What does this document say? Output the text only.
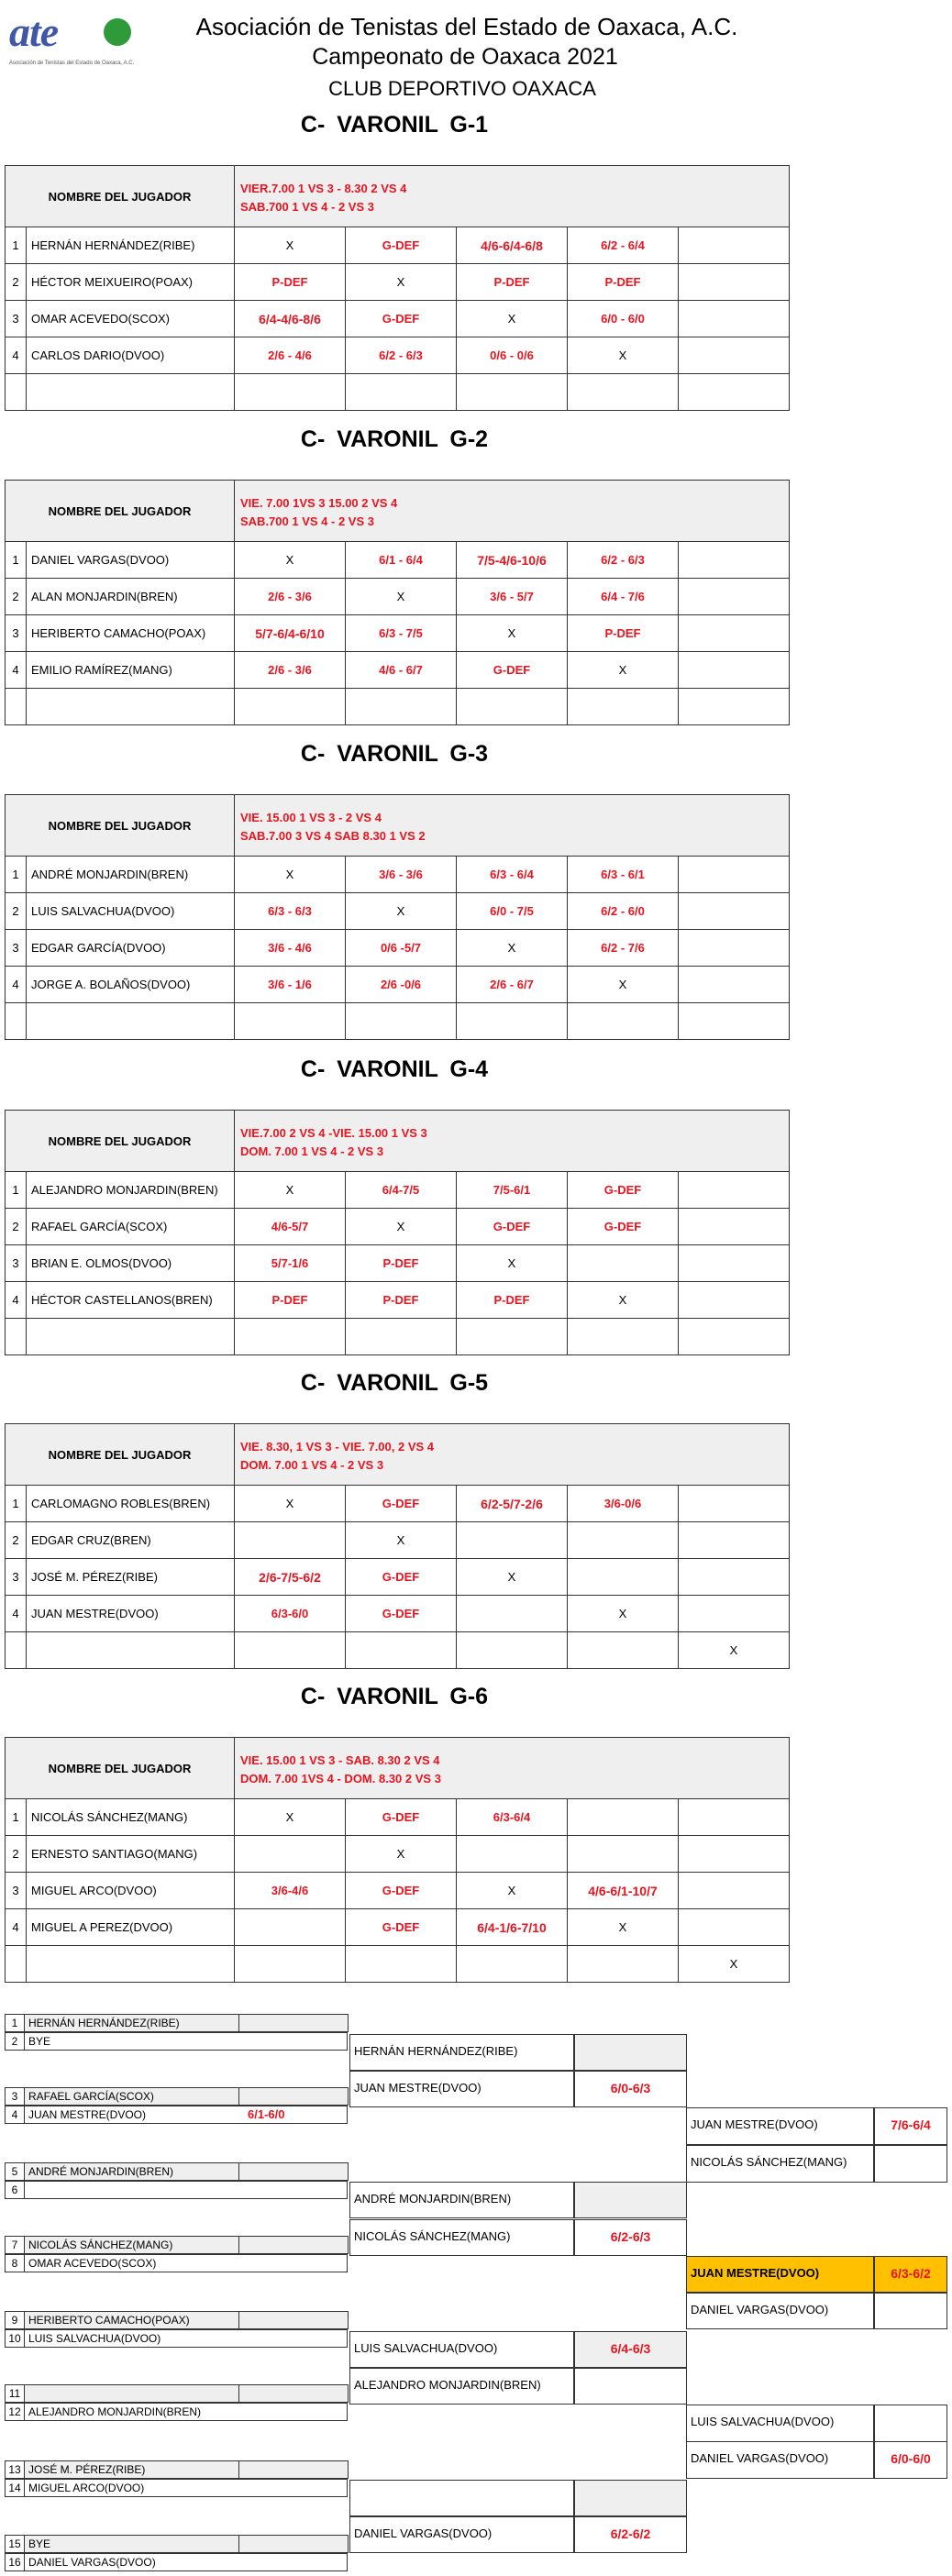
ate
Asociación de Tenistas del Estado de Oaxaca, A.C.
Asociación de Tenistas del Estado de Oaxaca, A.C.
Campeonato de Oaxaca 2021
CLUB DEPORTIVO OAXACA
C- VARONIL G-1
NOMBRE DEL JUGADOR		VIER.7.00 1 VS 3 - 8.30 2 VS 4
SAB.700 1 VS 4 - 2 VS 3				

1	HERNÁN HERNÁNDEZ(RIBE)	X	G-DEF	4/6-6/4-6/8	6/2 - 6/4	
2	HÉCTOR MEIXUEIRO(POAX)	P-DEF	X	P-DEF	P-DEF	
3	OMAR ACEVEDO(SCOX)	6/4-4/6-8/6	G-DEF	X	6/0 - 6/0	
4	CARLOS DARIO(DVOO)	2/6 - 4/6	6/2 - 6/3	0/6 - 0/6	X	

C- VARONIL G-2
NOMBRE DEL JUGADOR		VIE. 7.00 1VS 3 15.00 2 VS 4
SAB.700 1 VS 4 - 2 VS 3				

1	DANIEL VARGAS(DVOO)	X	6/1 - 6/4	7/5-4/6-10/6	6/2 - 6/3	
2	ALAN MONJARDIN(BREN)	2/6 - 3/6	X	3/6 - 5/7	6/4 - 7/6	
3	HERIBERTO CAMACHO(POAX)	5/7-6/4-6/10	6/3 - 7/5	X	P-DEF	
4	EMILIO RAMÍREZ(MANG)	2/6 - 3/6	4/6 - 6/7	G-DEF	X	

C- VARONIL G-3
NOMBRE DEL JUGADOR		VIE. 15.00 1 VS 3 - 2 VS 4
SAB.7.00 3 VS 4 SAB 8.30 1 VS 2				

1	ANDRÉ MONJARDIN(BREN)	X	3/6 - 3/6	6/3 - 6/4	6/3 - 6/1	
2	LUIS SALVACHUA(DVOO)	6/3 - 6/3	X	6/0 - 7/5	6/2 - 6/0	
3	EDGAR GARCÍA(DVOO)	3/6 - 4/6	0/6 -5/7	X	6/2 - 7/6	
4	JORGE A. BOLAÑOS(DVOO)	3/6 - 1/6	2/6 -0/6	2/6 - 6/7	X	

C- VARONIL G-4
NOMBRE DEL JUGADOR		VIE.7.00 2 VS 4 -VIE. 15.00 1 VS 3
DOM. 7.00 1 VS 4 - 2 VS 3				

1	ALEJANDRO MONJARDIN(BREN)	X	6/4-7/5	7/5-6/1	G-DEF	
2	RAFAEL GARCÍA(SCOX)	4/6-5/7	X	G-DEF	G-DEF	
3	BRIAN E. OLMOS(DVOO)	5/7-1/6	P-DEF	X		
4	HÉCTOR CASTELLANOS(BREN)	P-DEF	P-DEF	P-DEF	X	

C- VARONIL G-5
NOMBRE DEL JUGADOR		VIE. 8.30, 1 VS 3 - VIE. 7.00, 2 VS 4
DOM. 7.00 1 VS 4 - 2 VS 3				

1	CARLOMAGNO ROBLES(BREN)	X	G-DEF	6/2-5/7-2/6	3/6-0/6	
2	EDGAR CRUZ(BREN)		X			
3	JOSÉ M. PÉREZ(RIBE)	2/6-7/5-6/2	G-DEF	X		
4	JUAN MESTRE(DVOO)	6/3-6/0	G-DEF		X	
						X
C- VARONIL G-6
NOMBRE DEL JUGADOR		VIE. 15.00 1 VS 3 - SAB. 8.30 2 VS 4
DOM. 7.00 1VS 4 - DOM. 8.30 2 VS 3				

1	NICOLÁS SÁNCHEZ(MANG)	X	G-DEF	6/3-6/4		
2	ERNESTO SANTIAGO(MANG)		X			
3	MIGUEL ARCO(DVOO)	3/6-4/6	G-DEF	X	4/6-6/1-10/7	
4	MIGUEL A PEREZ(DVOO)		G-DEF	6/4-1/6-7/10	X	
						X
1 HERNÁN HERNÁNDEZ(RIBE)
2 BYE
3 RAFAEL GARCÍA(SCOX)
4 JUAN MESTRE(DVOO)	6/1-6/0
5 ANDRÉ MONJARDIN(BREN)
6
7 NICOLÁS SÁNCHEZ(MANG)
8 OMAR ACEVEDO(SCOX)
9 HERIBERTO CAMACHO(POAX)
10 LUIS SALVACHUA(DVOO)
11
12 ALEJANDRO MONJARDIN(BREN)
13 JOSÉ M. PÉREZ(RIBE)
14 MIGUEL ARCO(DVOO)
15 BYE
16 DANIEL VARGAS(DVOO)
HERNÁN HERNÁNDEZ(RIBE)
JUAN MESTRE(DVOO)	6/0-6/3
ANDRÉ MONJARDIN(BREN)
NICOLÁS SÁNCHEZ(MANG)	6/2-6/3
LUIS SALVACHUA(DVOO)	6/4-6/3
ALEJANDRO MONJARDIN(BREN)
DANIEL VARGAS(DVOO)	6/2-6/2
JUAN MESTRE(DVOO)	7/6-6/4
NICOLÁS SÁNCHEZ(MANG)
LUIS SALVACHUA(DVOO)
DANIEL VARGAS(DVOO)	6/0-6/0
JUAN MESTRE(DVOO)	6/3-6/2
DANIEL VARGAS(DVOO)
